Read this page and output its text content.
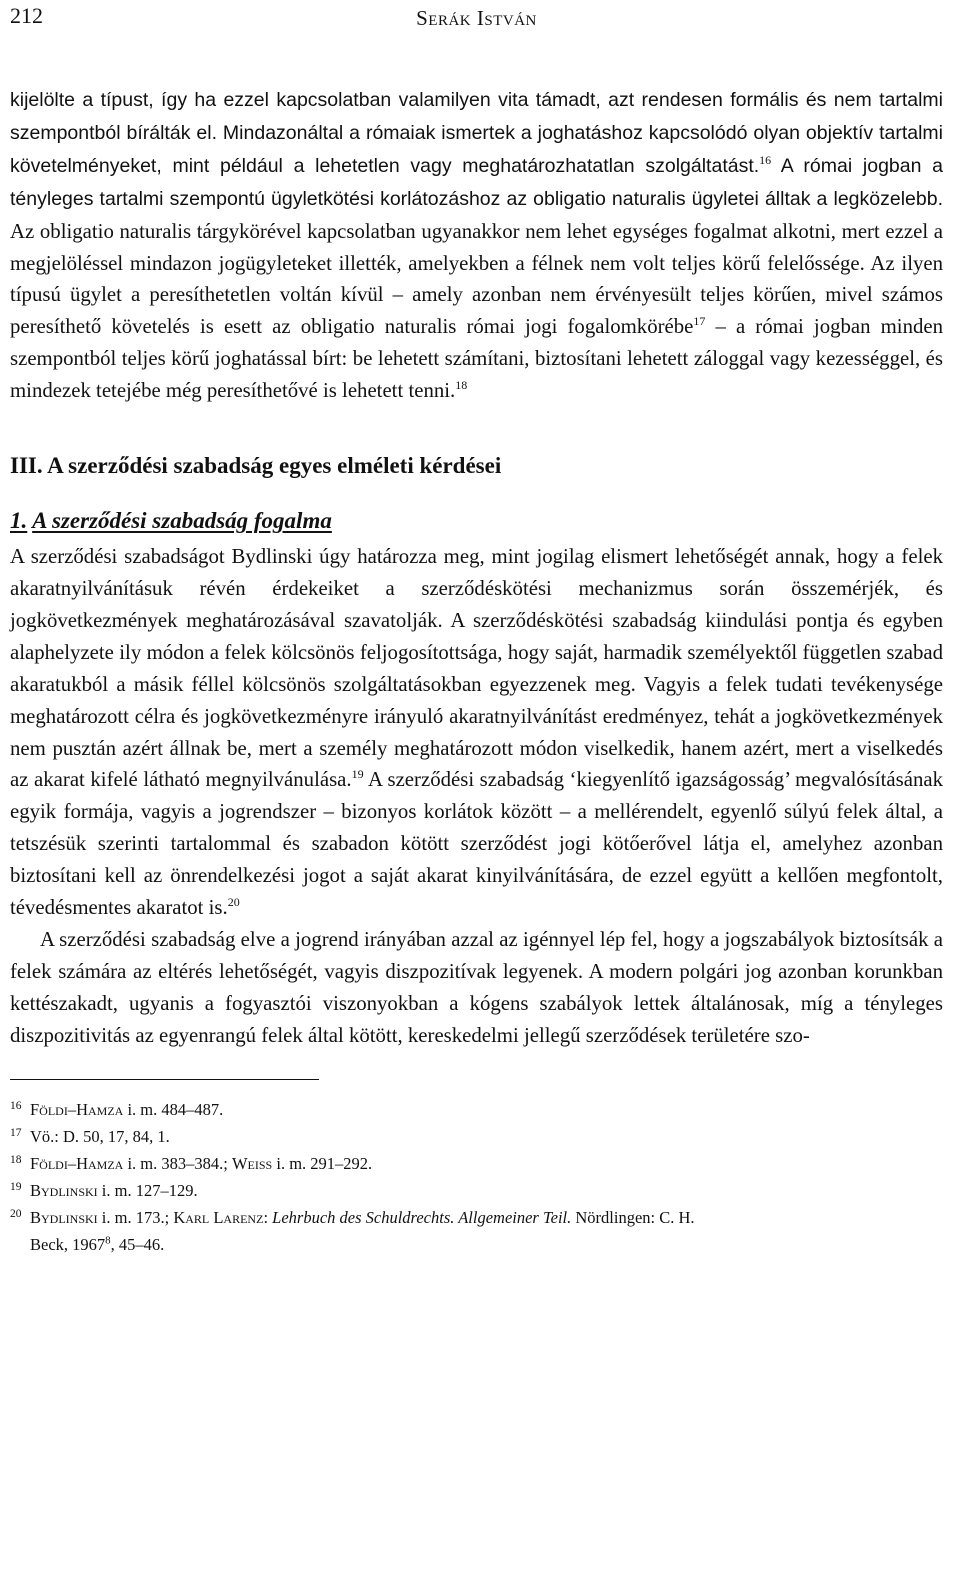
212	Serák István

kijelölte a típust, így ha ezzel kapcsolatban valamilyen vita támadt, azt rendesen formális és nem tartalmi szempontból bírálták el. Mindazonáltal a rómaiak ismertek a joghatáshoz kapcsolódó olyan objektív tartalmi követelményeket, mint például a lehetetlen vagy meghatározhatatlan szolgáltatást.$^{16}$ A római jogban a tényleges tartalmi szempontú ügyletkötési korlátozáshoz az obligatio naturalis ügyletei álltak a legközelebb. Az obligatio naturalis tárgykörével kapcsolatban ugyanakkor nem lehet egységes fogalmat alkotni, mert ezzel a megjelöléssel mindazon jogügyleteket illették, amelyekben a félnek nem volt teljes körű felelőssége. Az ilyen típusú ügylet a peresíthetetlen voltán kívül – amely azonban nem érvényesült teljes körűen, mivel számos peresíthető követelés is esett az obligatio naturalis római jogi fogalomkörébe$^{17}$ – a római jogban minden szempontból teljes körű joghatással bírt: be lehetett számítani, biztosítani lehetett záloggal vagy kezességgel, és mindezek tetejébe még peresíthetővé is lehetett tenni.$^{18}$

III. A szerződési szabadság egyes elméleti kérdései
1. A szerződési szabadság fogalma

A szerződési szabadságot Bydlinski úgy határozza meg, mint jogilag elismert lehetőségét annak, hogy a felek akaratnyilvánításuk révén érdekeiket a szerződéskötési mechanizmus során összemérjék, és jogkövetkezmények meghatározásával szavatolják. A szerződéskötési szabadság kiindulási pontja és egyben alaphelyzete ily módon a felek kölcsönös feljogosítottsága, hogy saját, harmadik személyektől független szabad akaratukból a másik féllel kölcsönös szolgáltatásokban egyezzenek meg. Vagyis a felek tudati tevékenysége meghatározott célra és jogkövetkezményre irányuló akaratnyilvánítást eredményez, tehát a jogkövetkezmények nem pusztán azért állnak be, mert a személy meghatározott módon viselkedik, hanem azért, mert a viselkedés az akarat kifelé látható megnyilvánulása.$^{19}$ A szerződési szabadság ‘kiegyenlítő igazságosság’ megvalósításának egyik formája, vagyis a jogrendszer – bizonyos korlátok között – a mellérendelt, egyenlő súlyú felek által, a tetszésük szerinti tartalommal és szabadon kötött szerződést jogi kötőerővel látja el, amelyhez azonban biztosítani kell az önrendelkezési jogot a saját akarat kinyilvánítására, de ezzel együtt a kellően megfontolt, tévedésmentes akaratot is.$^{20}$

A szerződési szabadság elve a jogrend irányában azzal az igénnyel lép fel, hogy a jogszabályok biztosítsák a felek számára az eltérés lehetőségét, vagyis diszpozitívak legyenek. A modern polgári jog azonban korunkban kettészakadt, ugyanis a fogyasztói viszonyokban a kógens szabályok lettek általánosak, míg a tényleges diszpozitivitás az egyenrangú felek által kötött, kereskedelmi jellegű szerződések területére szo-

16 Földi–Hamza i. m. 484–487.
17 Vö.: D. 50, 17, 84, 1.
18 Földi–Hamza i. m. 383–384.; Weiss i. m. 291–292.
19 Bydlinski i. m. 127–129.
20 Bydlinski i. m. 173.; Karl Larenz: Lehrbuch des Schuldrechts. Allgemeiner Teil. Nördlingen: C. H.
Beck, 1967$^8$, 45–46.
